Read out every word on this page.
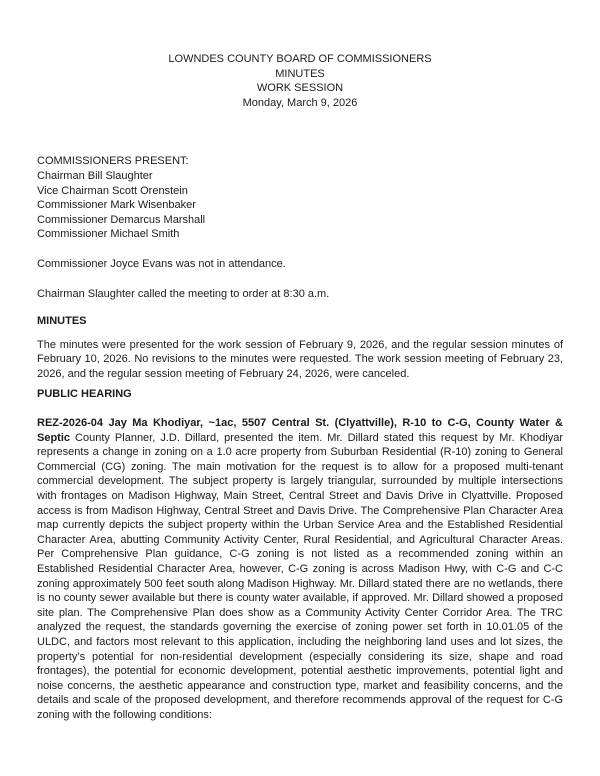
LOWNDES COUNTY BOARD OF COMMISSIONERS
MINUTES
WORK SESSION
Monday, March 9, 2026
COMMISSIONERS PRESENT:
Chairman Bill Slaughter
Vice Chairman Scott Orenstein
Commissioner Mark Wisenbaker
Commissioner Demarcus Marshall
Commissioner Michael Smith

Commissioner Joyce Evans was not in attendance.

Chairman Slaughter called the meeting to order at 8:30 a.m.

MINUTES

The minutes were presented for the work session of February 9, 2026, and the regular session minutes of February 10, 2026. No revisions to the minutes were requested. The work session meeting of February 23, 2026, and the regular session meeting of February 24, 2026, were canceled.

PUBLIC HEARING

REZ-2026-04 Jay Ma Khodiyar, ~1ac, 5507 Central St. (Clyattville), R-10 to C-G, County Water & Septic County Planner, J.D. Dillard, presented the item. Mr. Dillard stated this request by Mr. Khodiyar represents a change in zoning on a 1.0 acre property from Suburban Residential (R-10) zoning to General Commercial (CG) zoning. The main motivation for the request is to allow for a proposed multi-tenant commercial development. The subject property is largely triangular, surrounded by multiple intersections with frontages on Madison Highway, Main Street, Central Street and Davis Drive in Clyattville. Proposed access is from Madison Highway, Central Street and Davis Drive. The Comprehensive Plan Character Area map currently depicts the subject property within the Urban Service Area and the Established Residential Character Area, abutting Community Activity Center, Rural Residential, and Agricultural Character Areas. Per Comprehensive Plan guidance, C-G zoning is not listed as a recommended zoning within an Established Residential Character Area, however, C-G zoning is across Madison Hwy, with C-G and C-C zoning approximately 500 feet south along Madison Highway. Mr. Dillard stated there are no wetlands, there is no county sewer available but there is county water available, if approved. Mr. Dillard showed a proposed site plan. The Comprehensive Plan does show as a Community Activity Center Corridor Area. The TRC analyzed the request, the standards governing the exercise of zoning power set forth in 10.01.05 of the ULDC, and factors most relevant to this application, including the neighboring land uses and lot sizes, the property’s potential for non-residential development (especially considering its size, shape and road frontages), the potential for economic development, potential aesthetic improvements, potential light and noise concerns, the aesthetic appearance and construction type, market and feasibility concerns, and the details and scale of the proposed development, and therefore recommends approval of the request for C-G zoning with the following conditions:
